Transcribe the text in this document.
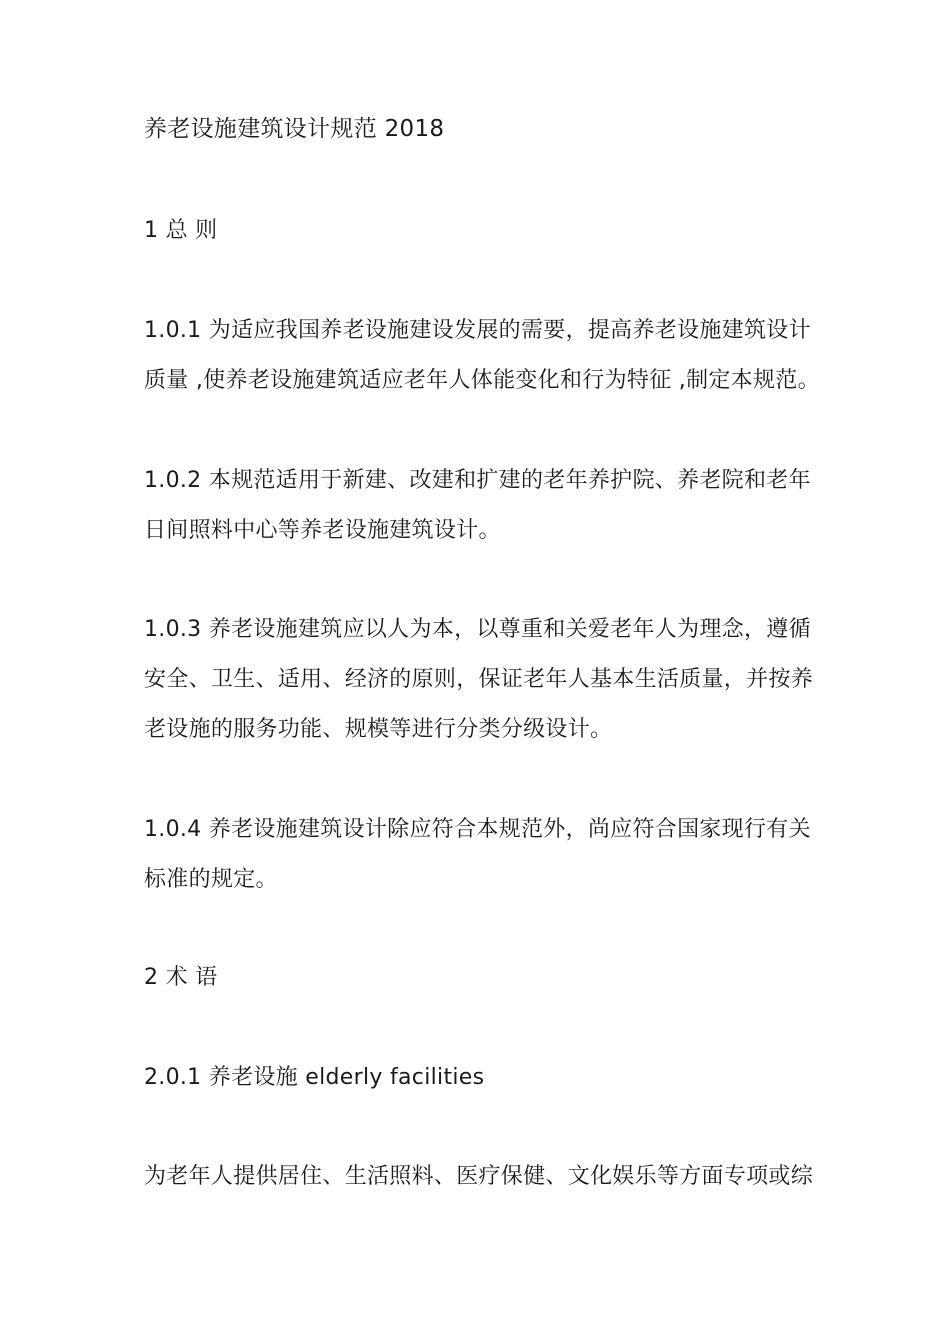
养老设施建筑设计规范 2018
1 总 则
1.0.1 为适应我国养老设施建设发展的需要，提高养老设施建筑设计
质量 ,使养老设施建筑适应老年人体能变化和行为特征 ,制定本规范。
1.0.2 本规范适用于新建、改建和扩建的老年养护院、养老院和老年
日间照料中心等养老设施建筑设计。
1.0.3 养老设施建筑应以人为本，以尊重和关爱老年人为理念，遵循
安全、卫生、适用、经济的原则，保证老年人基本生活质量，并按养
老设施的服务功能、规模等进行分类分级设计。
1.0.4 养老设施建筑设计除应符合本规范外，尚应符合国家现行有关
标准的规定。
2 术 语
2.0.1 养老设施 elderly facilities
为老年人提供居住、生活照料、医疗保健、文化娱乐等方面专项或综
